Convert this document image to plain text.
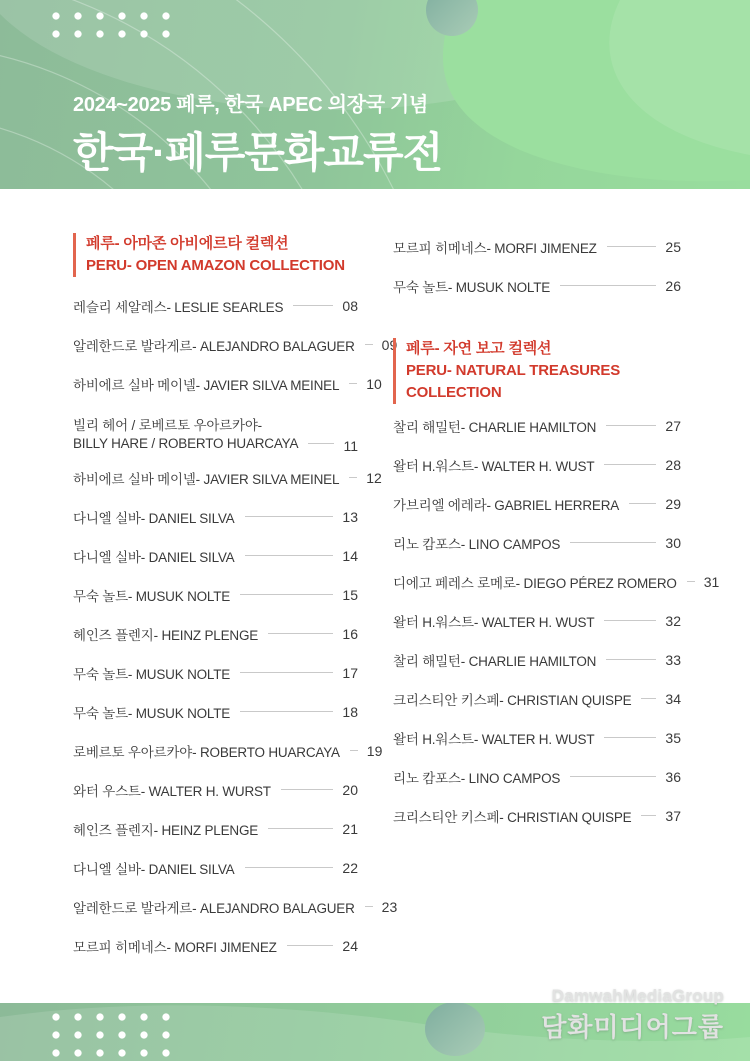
2024~2025 페루, 한국 APEC 의장국 기념
한국·페루문화교류전
페루- 아마존 아비에르타 컬렉션
PERU- OPEN AMAZON COLLECTION
레슬리 세알레스- LESLIE SEARLES	08
알레한드로 발라게르- ALEJANDRO BALAGUER 09
하비에르 실바 메이넬- JAVIER SILVA MEINEL 10
빌리 헤어 / 로베르토 우아르카야-
BILLY HARE / ROBERTO HUARCAYA	11
하비에르 실바 메이넬- JAVIER SILVA MEINEL 12
다니엘 실바- DANIEL SILVA	13
다니엘 실바- DANIEL SILVA	14
무숙 놀트- MUSUK NOLTE	15
헤인즈 플렌지- HEINZ PLENGE	16
무숙 놀트- MUSUK NOLTE	17
무숙 놀트- MUSUK NOLTE	18
로베르토 우아르카야- ROBERTO HUARCAYA 19
와터 우스트- WALTER H. WURST	20
헤인즈 플렌지- HEINZ PLENGE	21
다니엘 실바- DANIEL SILVA	22
알레한드로 발라게르- ALEJANDRO BALAGUER 23
모르피 히메네스- MORFI JIMENEZ	24
모르피 히메네스- MORFI JIMENEZ	25
무숙 놀트- MUSUK NOLTE	26
페루- 자연 보고 컬렉션
PERU- NATURAL TREASURES COLLECTION
찰리 해밀턴- CHARLIE HAMILTON	27
왈터 H.워스트- WALTER H. WUST	28
가브리엘 에레라- GABRIEL HERRERA	29
리노 캄포스- LINO CAMPOS	30
디에고 페레스 로메로- DIEGO PÉREZ ROMERO 31
왈터 H.워스트- WALTER H. WUST	32
찰리 해밀턴- CHARLIE HAMILTON	33
크리스티안 키스페- CHRISTIAN QUISPE 34
왈터 H.워스트- WALTER H. WUST	35
리노 캄포스- LINO CAMPOS	36
크리스티안 키스페- CHRISTIAN QUISPE 37
DamwahMediaGroup
담화미디어그룹
